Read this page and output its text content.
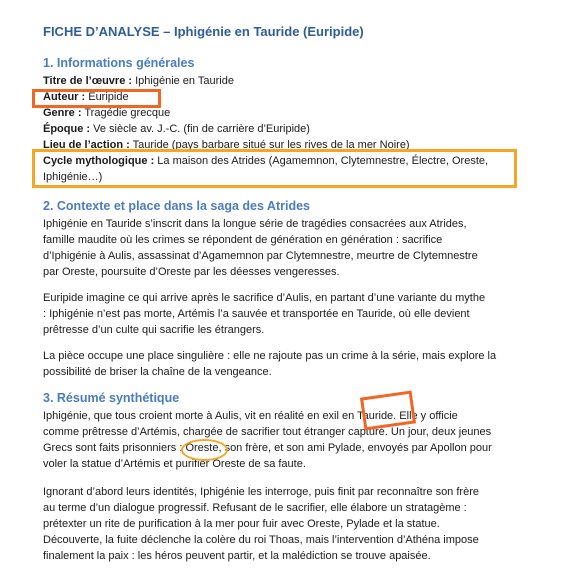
FICHE D’ANALYSE – Iphigénie en Tauride (Euripide)
1. Informations générales
Titre de l’œuvre : Iphigénie en Tauride
Auteur : Euripide
Genre : Tragédie grecque
Époque : Ve siècle av. J.-C. (fin de carrière d’Euripide)
Lieu de l’action : Tauride (pays barbare situé sur les rives de la mer Noire)
Cycle mythologique : La maison des Atrides (Agamemnon, Clytemnestre, Électre, Oreste,
Iphigénie…)
2. Contexte et place dans la saga des Atrides
Iphigénie en Tauride s’inscrit dans la longue série de tragédies consacrées aux Atrides,
famille maudite où les crimes se répondent de génération en génération : sacrifice
d’Iphigénie à Aulis, assassinat d’Agamemnon par Clytemnestre, meurtre de Clytemnestre
par Oreste, poursuite d’Oreste par les déesses vengeresses.
Euripide imagine ce qui arrive après le sacrifice d’Aulis, en partant d’une variante du mythe
: Iphigénie n’est pas morte, Artémis l’a sauvée et transportée en Tauride, où elle devient
prêtresse d’un culte qui sacrifie les étrangers.
La pièce occupe une place singulière : elle ne rajoute pas un crime à la série, mais explore la
possibilité de briser la chaîne de la vengeance.
3. Résumé synthétique
Iphigénie, que tous croient morte à Aulis, vit en réalité en exil en Tauride. Elle y officie
comme prêtresse d’Artémis, chargée de sacrifier tout étranger capturé. Un jour, deux jeunes
Grecs sont faits prisonniers : Oreste, son frère, et son ami Pylade, envoyés par Apollon pour
voler la statue d’Artémis et purifier Oreste de sa faute.
Ignorant d’abord leurs identités, Iphigénie les interroge, puis finit par reconnaître son frère
au terme d’un dialogue progressif. Refusant de le sacrifier, elle élabore un stratagème :
prétexter un rite de purification à la mer pour fuir avec Oreste, Pylade et la statue.
Découverte, la fuite déclenche la colère du roi Thoas, mais l’intervention d’Athéna impose
finalement la paix : les héros peuvent partir, et la malédiction se trouve apaisée.
